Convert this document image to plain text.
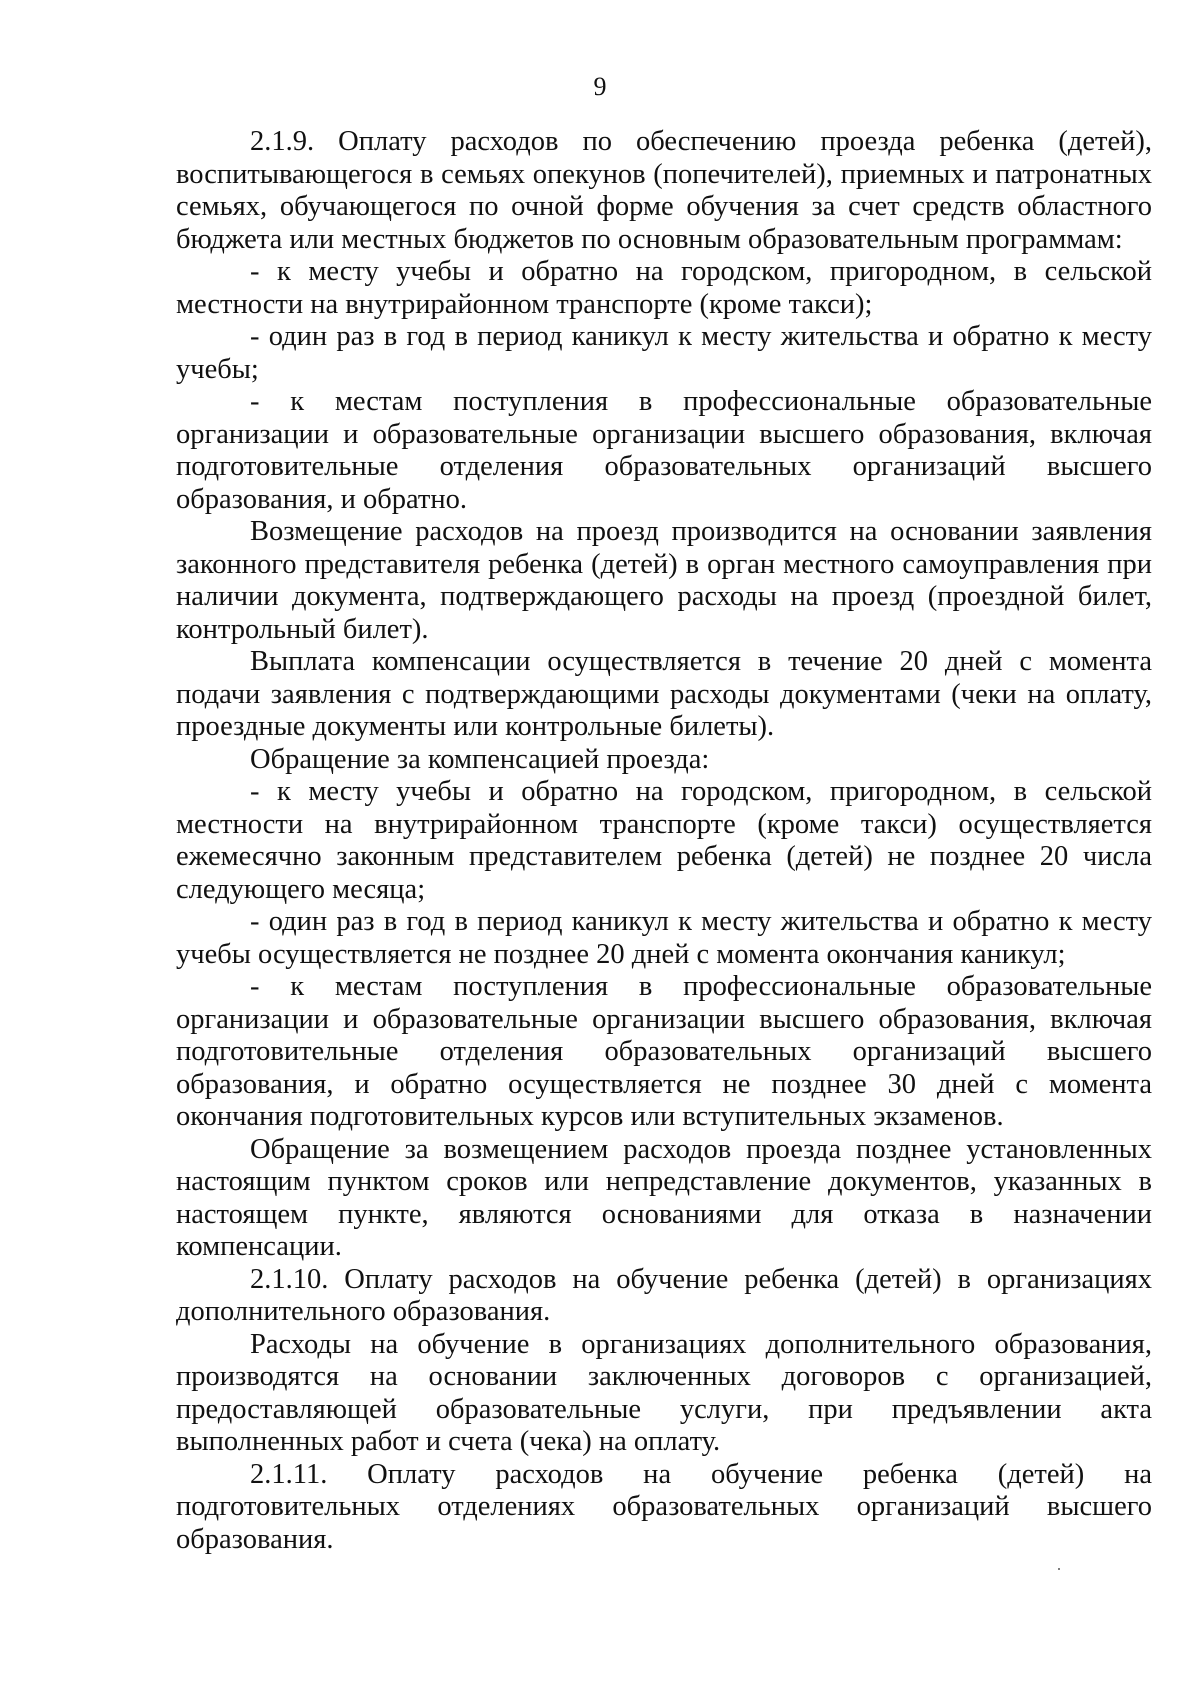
9

2.1.9. Оплату расходов по обеспечению проезда ребенка (детей), воспитывающегося в семьях опекунов (попечителей), приемных и патронатных семьях, обучающегося по очной форме обучения за счет средств областного бюджета или местных бюджетов по основным образовательным программам:

- к месту учебы и обратно на городском, пригородном, в сельской местности на внутрирайонном транспорте (кроме такси);

- один раз в год в период каникул к месту жительства и обратно к месту учебы;

- к местам поступления в профессиональные образовательные организации и образовательные организации высшего образования, включая подготовительные отделения образовательных организаций высшего образования, и обратно.

Возмещение расходов на проезд производится на основании заявления законного представителя ребенка (детей) в орган местного самоуправления при наличии документа, подтверждающего расходы на проезд (проездной билет, контрольный билет).

Выплата компенсации осуществляется в течение 20 дней с момента подачи заявления с подтверждающими расходы документами (чеки на оплату, проездные документы или контрольные билеты).

Обращение за компенсацией проезда:

- к месту учебы и обратно на городском, пригородном, в сельской местности на внутрирайонном транспорте (кроме такси) осуществляется ежемесячно законным представителем ребенка (детей) не позднее 20 числа следующего месяца;

- один раз в год в период каникул к месту жительства и обратно к месту учебы осуществляется не позднее 20 дней с момента окончания каникул;

- к местам поступления в профессиональные образовательные организации и образовательные организации высшего образования, включая подготовительные отделения образовательных организаций высшего образования, и обратно осуществляется не позднее 30 дней с момента окончания подготовительных курсов или вступительных экзаменов.

Обращение за возмещением расходов проезда позднее установленных настоящим пунктом сроков или непредставление документов, указанных в настоящем пункте, являются основаниями для отказа в назначении компенсации.

2.1.10. Оплату расходов на обучение ребенка (детей) в организациях дополнительного образования.

Расходы на обучение в организациях дополнительного образования, производятся на основании заключенных договоров с организацией, предоставляющей образовательные услуги, при предъявлении акта выполненных работ и счета (чека) на оплату.

2.1.11. Оплату расходов на обучение ребенка (детей) на подготовительных отделениях образовательных организаций высшего образования.
